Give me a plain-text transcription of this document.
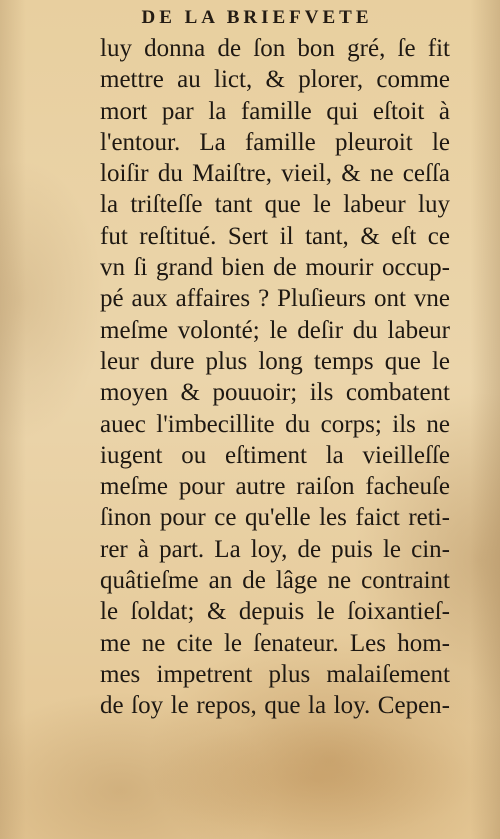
DE LA BRIEFVETE
luy donna de ſon bon gré, ſe fit
mettre au lict, & plorer, comme
mort par la famille qui eſtoit à
l'entour. La famille pleuroit le
loiſir du Maiſtre, vieil, & ne ceſſa
la triſteſſe tant que le labeur luy
fut reſtitué. Sert il tant, & eſt ce
vn ſi grand bien de mourir occup-
pé aux affaires ? Pluſieurs ont vne
meſme volonté; le deſir du labeur
leur dure plus long temps que le
moyen & pouuoir; ils combatent
auec l'imbecillite du corps; ils ne
iugent ou eſtiment la vieilleſſe
meſme pour autre raiſon facheuſe
ſinon pour ce qu'elle les faict reti-
rer à part. La loy, de puis le cin-
quâtieſme an de lâge ne contraint
le ſoldat; & depuis le ſoixantieſ-
me ne cite le ſenateur. Les hom-
mes impetrent plus malaiſement
de ſoy le repos, que la loy. Cepen-
